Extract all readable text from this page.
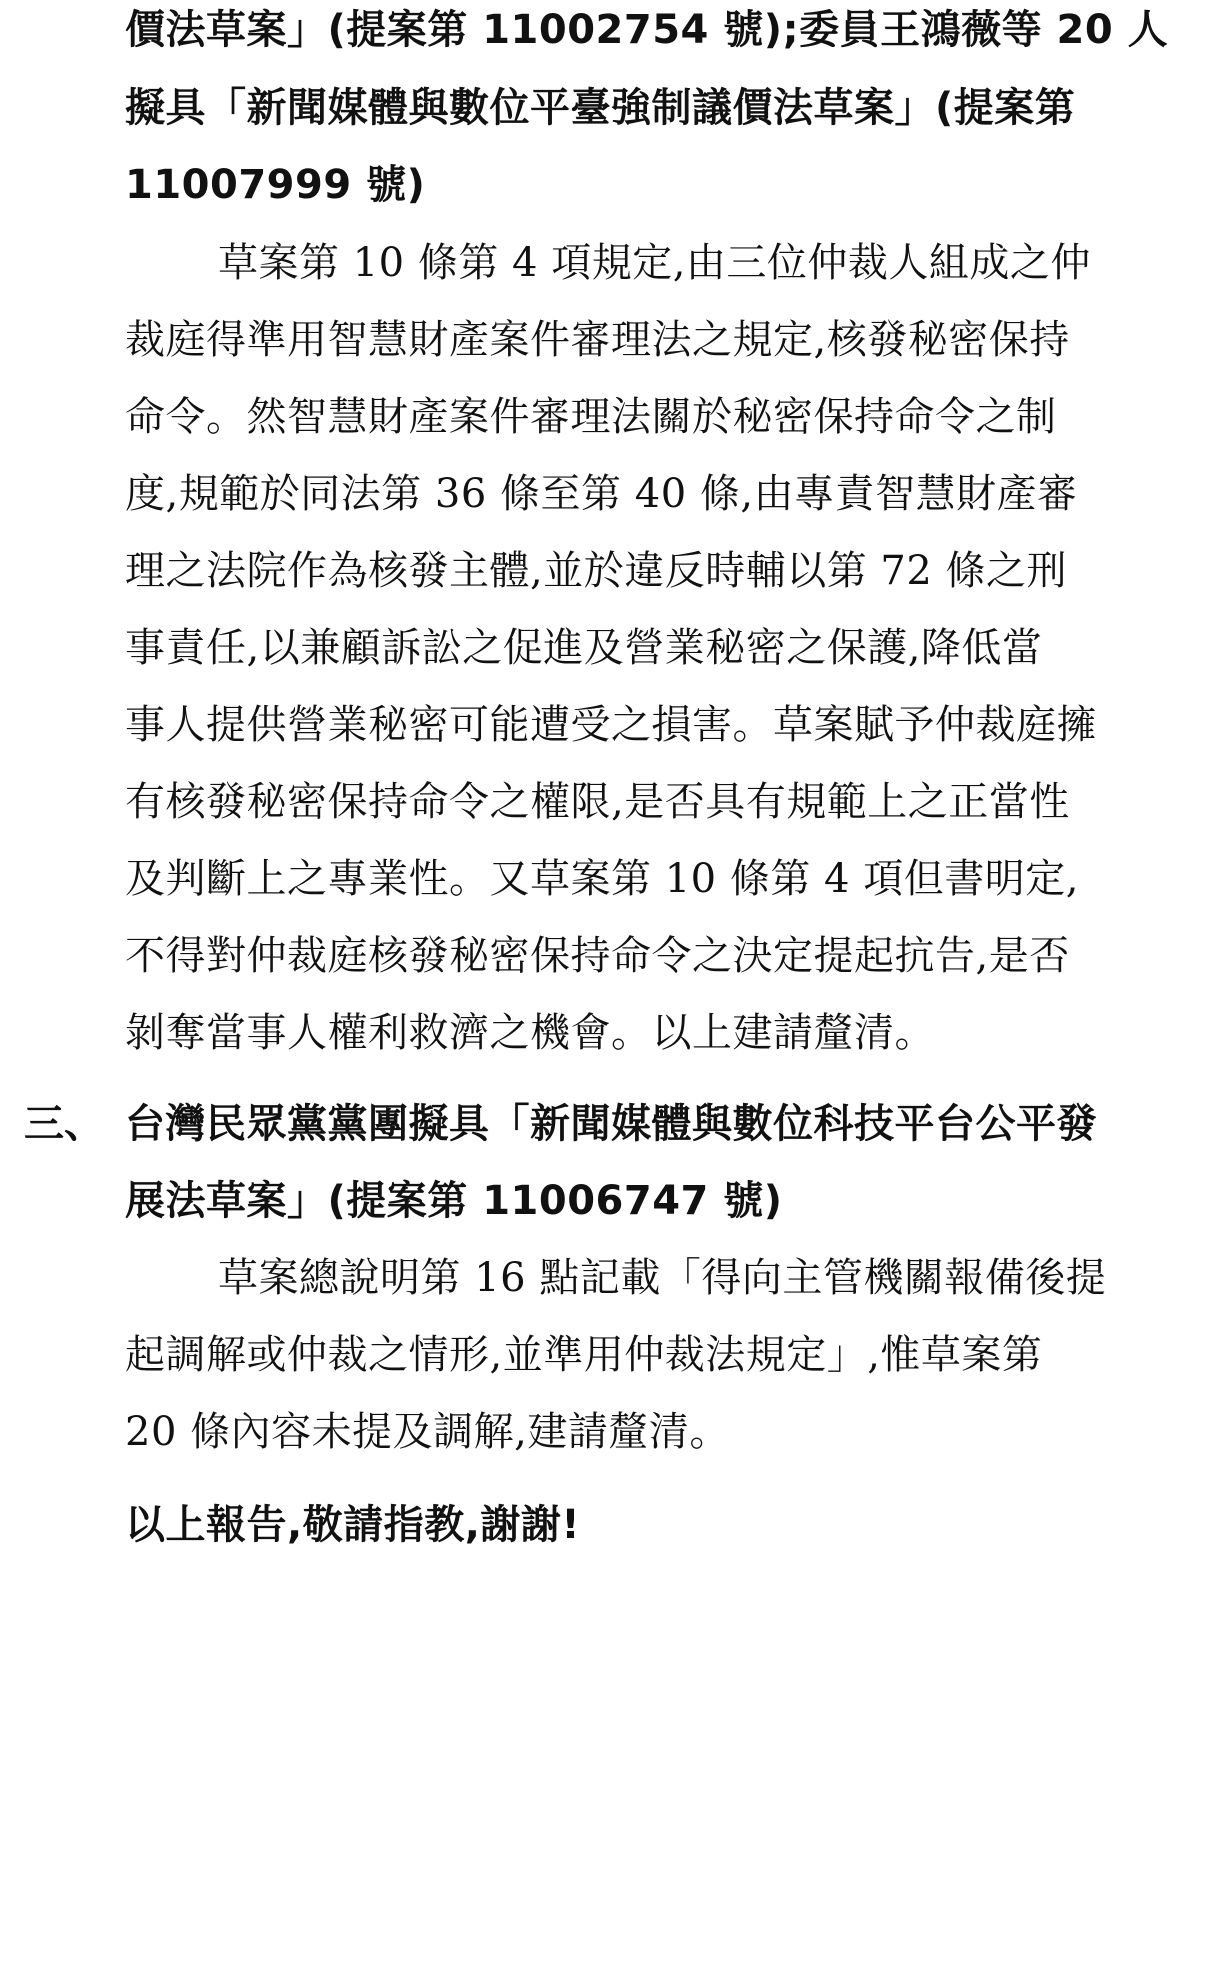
價法草案」(提案第 11002754 號);委員王鴻薇等 20 人
擬具「新聞媒體與數位平臺強制議價法草案」(提案第
11007999 號)
草案第 10 條第 4 項規定,由三位仲裁人組成之仲
裁庭得準用智慧財產案件審理法之規定,核發秘密保持
命令。然智慧財產案件審理法關於秘密保持命令之制
度,規範於同法第 36 條至第 40 條,由專責智慧財產審
理之法院作為核發主體,並於違反時輔以第 72 條之刑
事責任,以兼顧訴訟之促進及營業秘密之保護,降低當
事人提供營業秘密可能遭受之損害。草案賦予仲裁庭擁
有核發秘密保持命令之權限,是否具有規範上之正當性
及判斷上之專業性。又草案第 10 條第 4 項但書明定,
不得對仲裁庭核發秘密保持命令之決定提起抗告,是否
剝奪當事人權利救濟之機會。以上建請釐清。
三、 台灣民眾黨黨團擬具「新聞媒體與數位科技平台公平發
展法草案」(提案第 11006747 號)
草案總說明第 16 點記載「得向主管機關報備後提
起調解或仲裁之情形,並準用仲裁法規定」,惟草案第
20 條內容未提及調解,建請釐清。
以上報告,敬請指教,謝謝!
